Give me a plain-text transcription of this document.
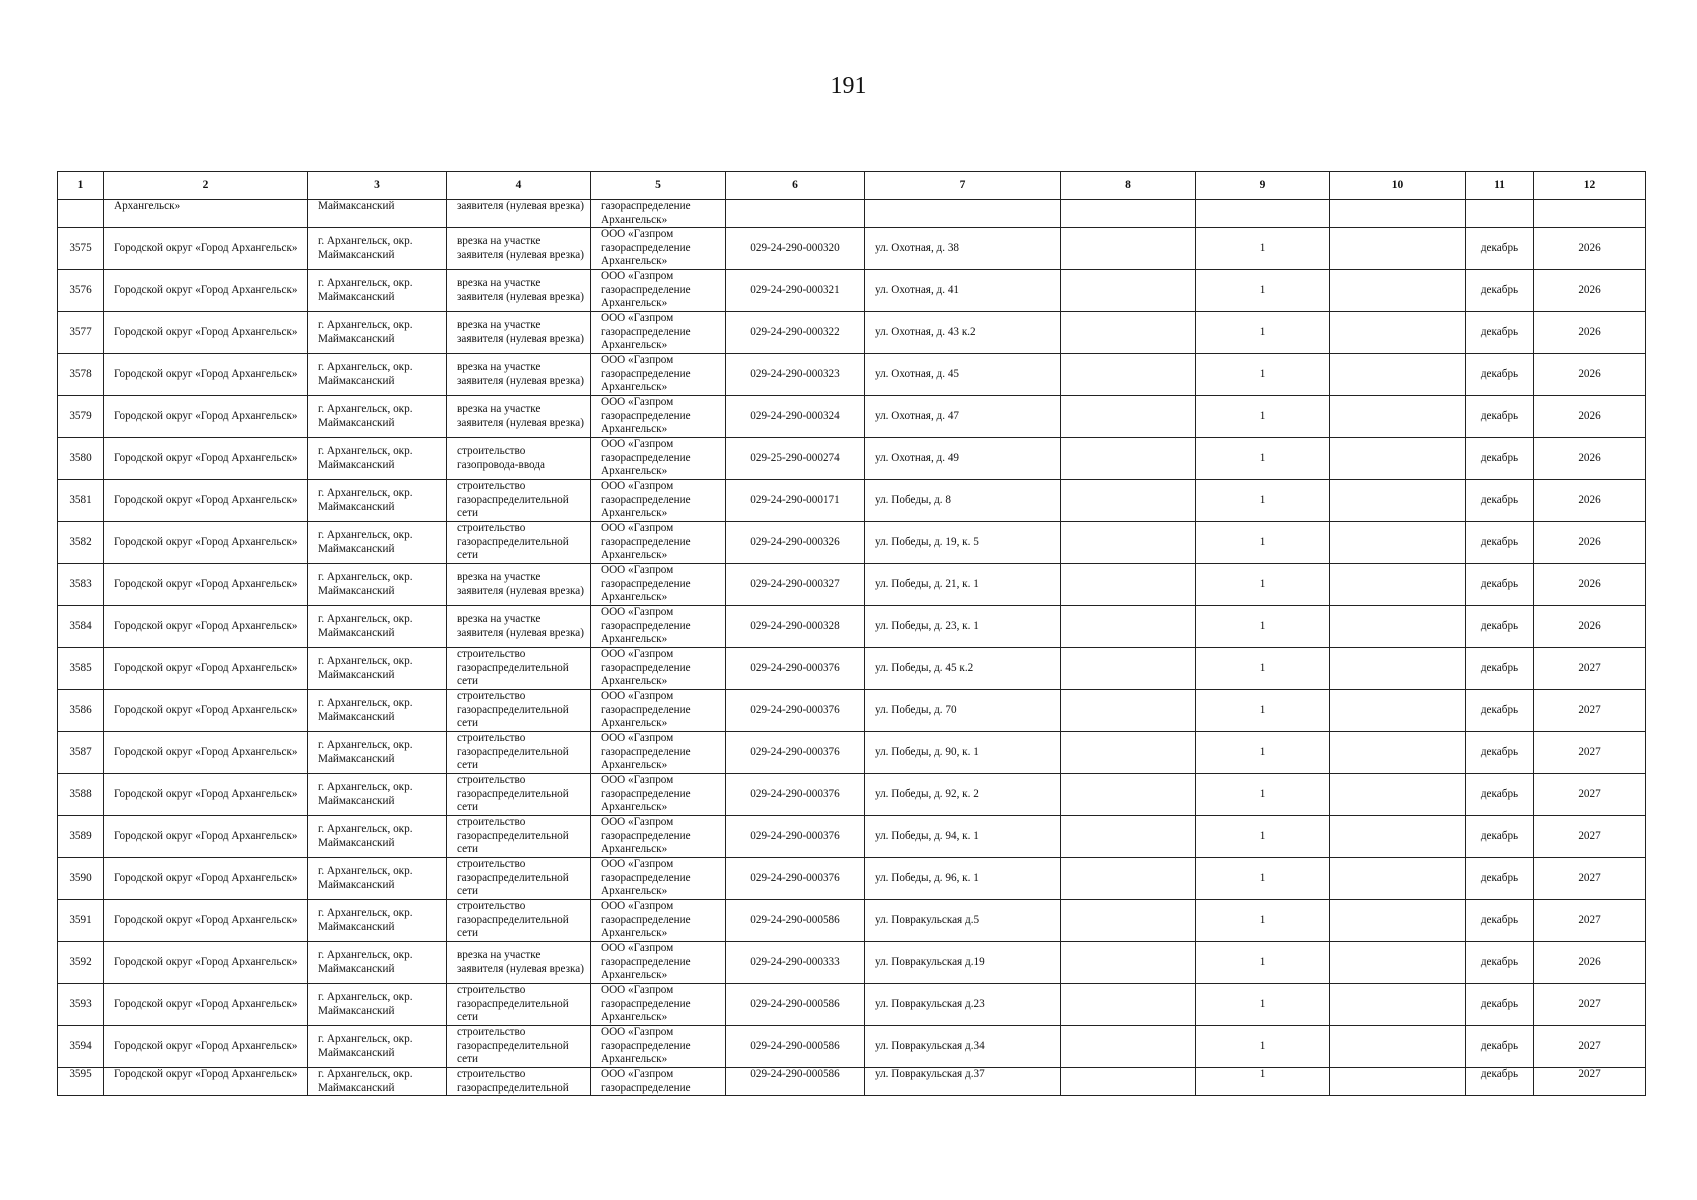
191
1	2	3	4	5	6	7	8	9	10	11	12
	Архангельск»	Маймаксанский	заявителя (нулевая врезка)	газораспределение Архангельск»							
3575	Городской округ «Город Архангельск»	г. Архангельск, окр. Маймаксанский	врезка на участке заявителя (нулевая врезка)	ООО «Газпром газораспределение Архангельск»	029-24-290-000320	ул. Охотная, д. 38		1		декабрь	2026
3576	Городской округ «Город Архангельск»	г. Архангельск, окр. Маймаксанский	врезка на участке заявителя (нулевая врезка)	ООО «Газпром газораспределение Архангельск»	029-24-290-000321	ул. Охотная, д. 41		1		декабрь	2026
3577	Городской округ «Город Архангельск»	г. Архангельск, окр. Маймаксанский	врезка на участке заявителя (нулевая врезка)	ООО «Газпром газораспределение Архангельск»	029-24-290-000322	ул. Охотная, д. 43 к.2		1		декабрь	2026
3578	Городской округ «Город Архангельск»	г. Архангельск, окр. Маймаксанский	врезка на участке заявителя (нулевая врезка)	ООО «Газпром газораспределение Архангельск»	029-24-290-000323	ул. Охотная, д. 45		1		декабрь	2026
3579	Городской округ «Город Архангельск»	г. Архангельск, окр. Маймаксанский	врезка на участке заявителя (нулевая врезка)	ООО «Газпром газораспределение Архангельск»	029-24-290-000324	ул. Охотная, д. 47		1		декабрь	2026
3580	Городской округ «Город Архангельск»	г. Архангельск, окр. Маймаксанский	строительство газопровода-ввода	ООО «Газпром газораспределение Архангельск»	029-25-290-000274	ул. Охотная, д. 49		1		декабрь	2026
3581	Городской округ «Город Архангельск»	г. Архангельск, окр. Маймаксанский	строительство газораспределительной сети	ООО «Газпром газораспределение Архангельск»	029-24-290-000171	ул. Победы, д. 8		1		декабрь	2026
3582	Городской округ «Город Архангельск»	г. Архангельск, окр. Маймаксанский	строительство газораспределительной сети	ООО «Газпром газораспределение Архангельск»	029-24-290-000326	ул. Победы, д. 19, к. 5		1		декабрь	2026
3583	Городской округ «Город Архангельск»	г. Архангельск, окр. Маймаксанский	врезка на участке заявителя (нулевая врезка)	ООО «Газпром газораспределение Архангельск»	029-24-290-000327	ул. Победы, д. 21, к. 1		1		декабрь	2026
3584	Городской округ «Город Архангельск»	г. Архангельск, окр. Маймаксанский	врезка на участке заявителя (нулевая врезка)	ООО «Газпром газораспределение Архангельск»	029-24-290-000328	ул. Победы, д. 23, к. 1		1		декабрь	2026
3585	Городской округ «Город Архангельск»	г. Архангельск, окр. Маймаксанский	строительство газораспределительной сети	ООО «Газпром газораспределение Архангельск»	029-24-290-000376	ул. Победы, д. 45 к.2		1		декабрь	2027
3586	Городской округ «Город Архангельск»	г. Архангельск, окр. Маймаксанский	строительство газораспределительной сети	ООО «Газпром газораспределение Архангельск»	029-24-290-000376	ул. Победы, д. 70		1		декабрь	2027
3587	Городской округ «Город Архангельск»	г. Архангельск, окр. Маймаксанский	строительство газораспределительной сети	ООО «Газпром газораспределение Архангельск»	029-24-290-000376	ул. Победы, д. 90, к. 1		1		декабрь	2027
3588	Городской округ «Город Архангельск»	г. Архангельск, окр. Маймаксанский	строительство газораспределительной сети	ООО «Газпром газораспределение Архангельск»	029-24-290-000376	ул. Победы, д. 92, к. 2		1		декабрь	2027
3589	Городской округ «Город Архангельск»	г. Архангельск, окр. Маймаксанский	строительство газораспределительной сети	ООО «Газпром газораспределение Архангельск»	029-24-290-000376	ул. Победы, д. 94, к. 1		1		декабрь	2027
3590	Городской округ «Город Архангельск»	г. Архангельск, окр. Маймаксанский	строительство газораспределительной сети	ООО «Газпром газораспределение Архангельск»	029-24-290-000376	ул. Победы, д. 96, к. 1		1		декабрь	2027
3591	Городской округ «Город Архангельск»	г. Архангельск, окр. Маймаксанский	строительство газораспределительной сети	ООО «Газпром газораспределение Архангельск»	029-24-290-000586	ул. Повракульская д.5		1		декабрь	2027
3592	Городской округ «Город Архангельск»	г. Архангельск, окр. Маймаксанский	врезка на участке заявителя (нулевая врезка)	ООО «Газпром газораспределение Архангельск»	029-24-290-000333	ул. Повракульская д.19		1		декабрь	2026
3593	Городской округ «Город Архангельск»	г. Архангельск, окр. Маймаксанский	строительство газораспределительной сети	ООО «Газпром газораспределение Архангельск»	029-24-290-000586	ул. Повракульская д.23		1		декабрь	2027
3594	Городской округ «Город Архангельск»	г. Архангельск, окр. Маймаксанский	строительство газораспределительной сети	ООО «Газпром газораспределение Архангельск»	029-24-290-000586	ул. Повракульская д.34		1		декабрь	2027
3595	Городской округ «Город Архангельск»	г. Архангельск, окр. Маймаксанский	строительство газораспределительной	ООО «Газпром газораспределение	029-24-290-000586	ул. Повракульская д.37		1		декабрь	2027
